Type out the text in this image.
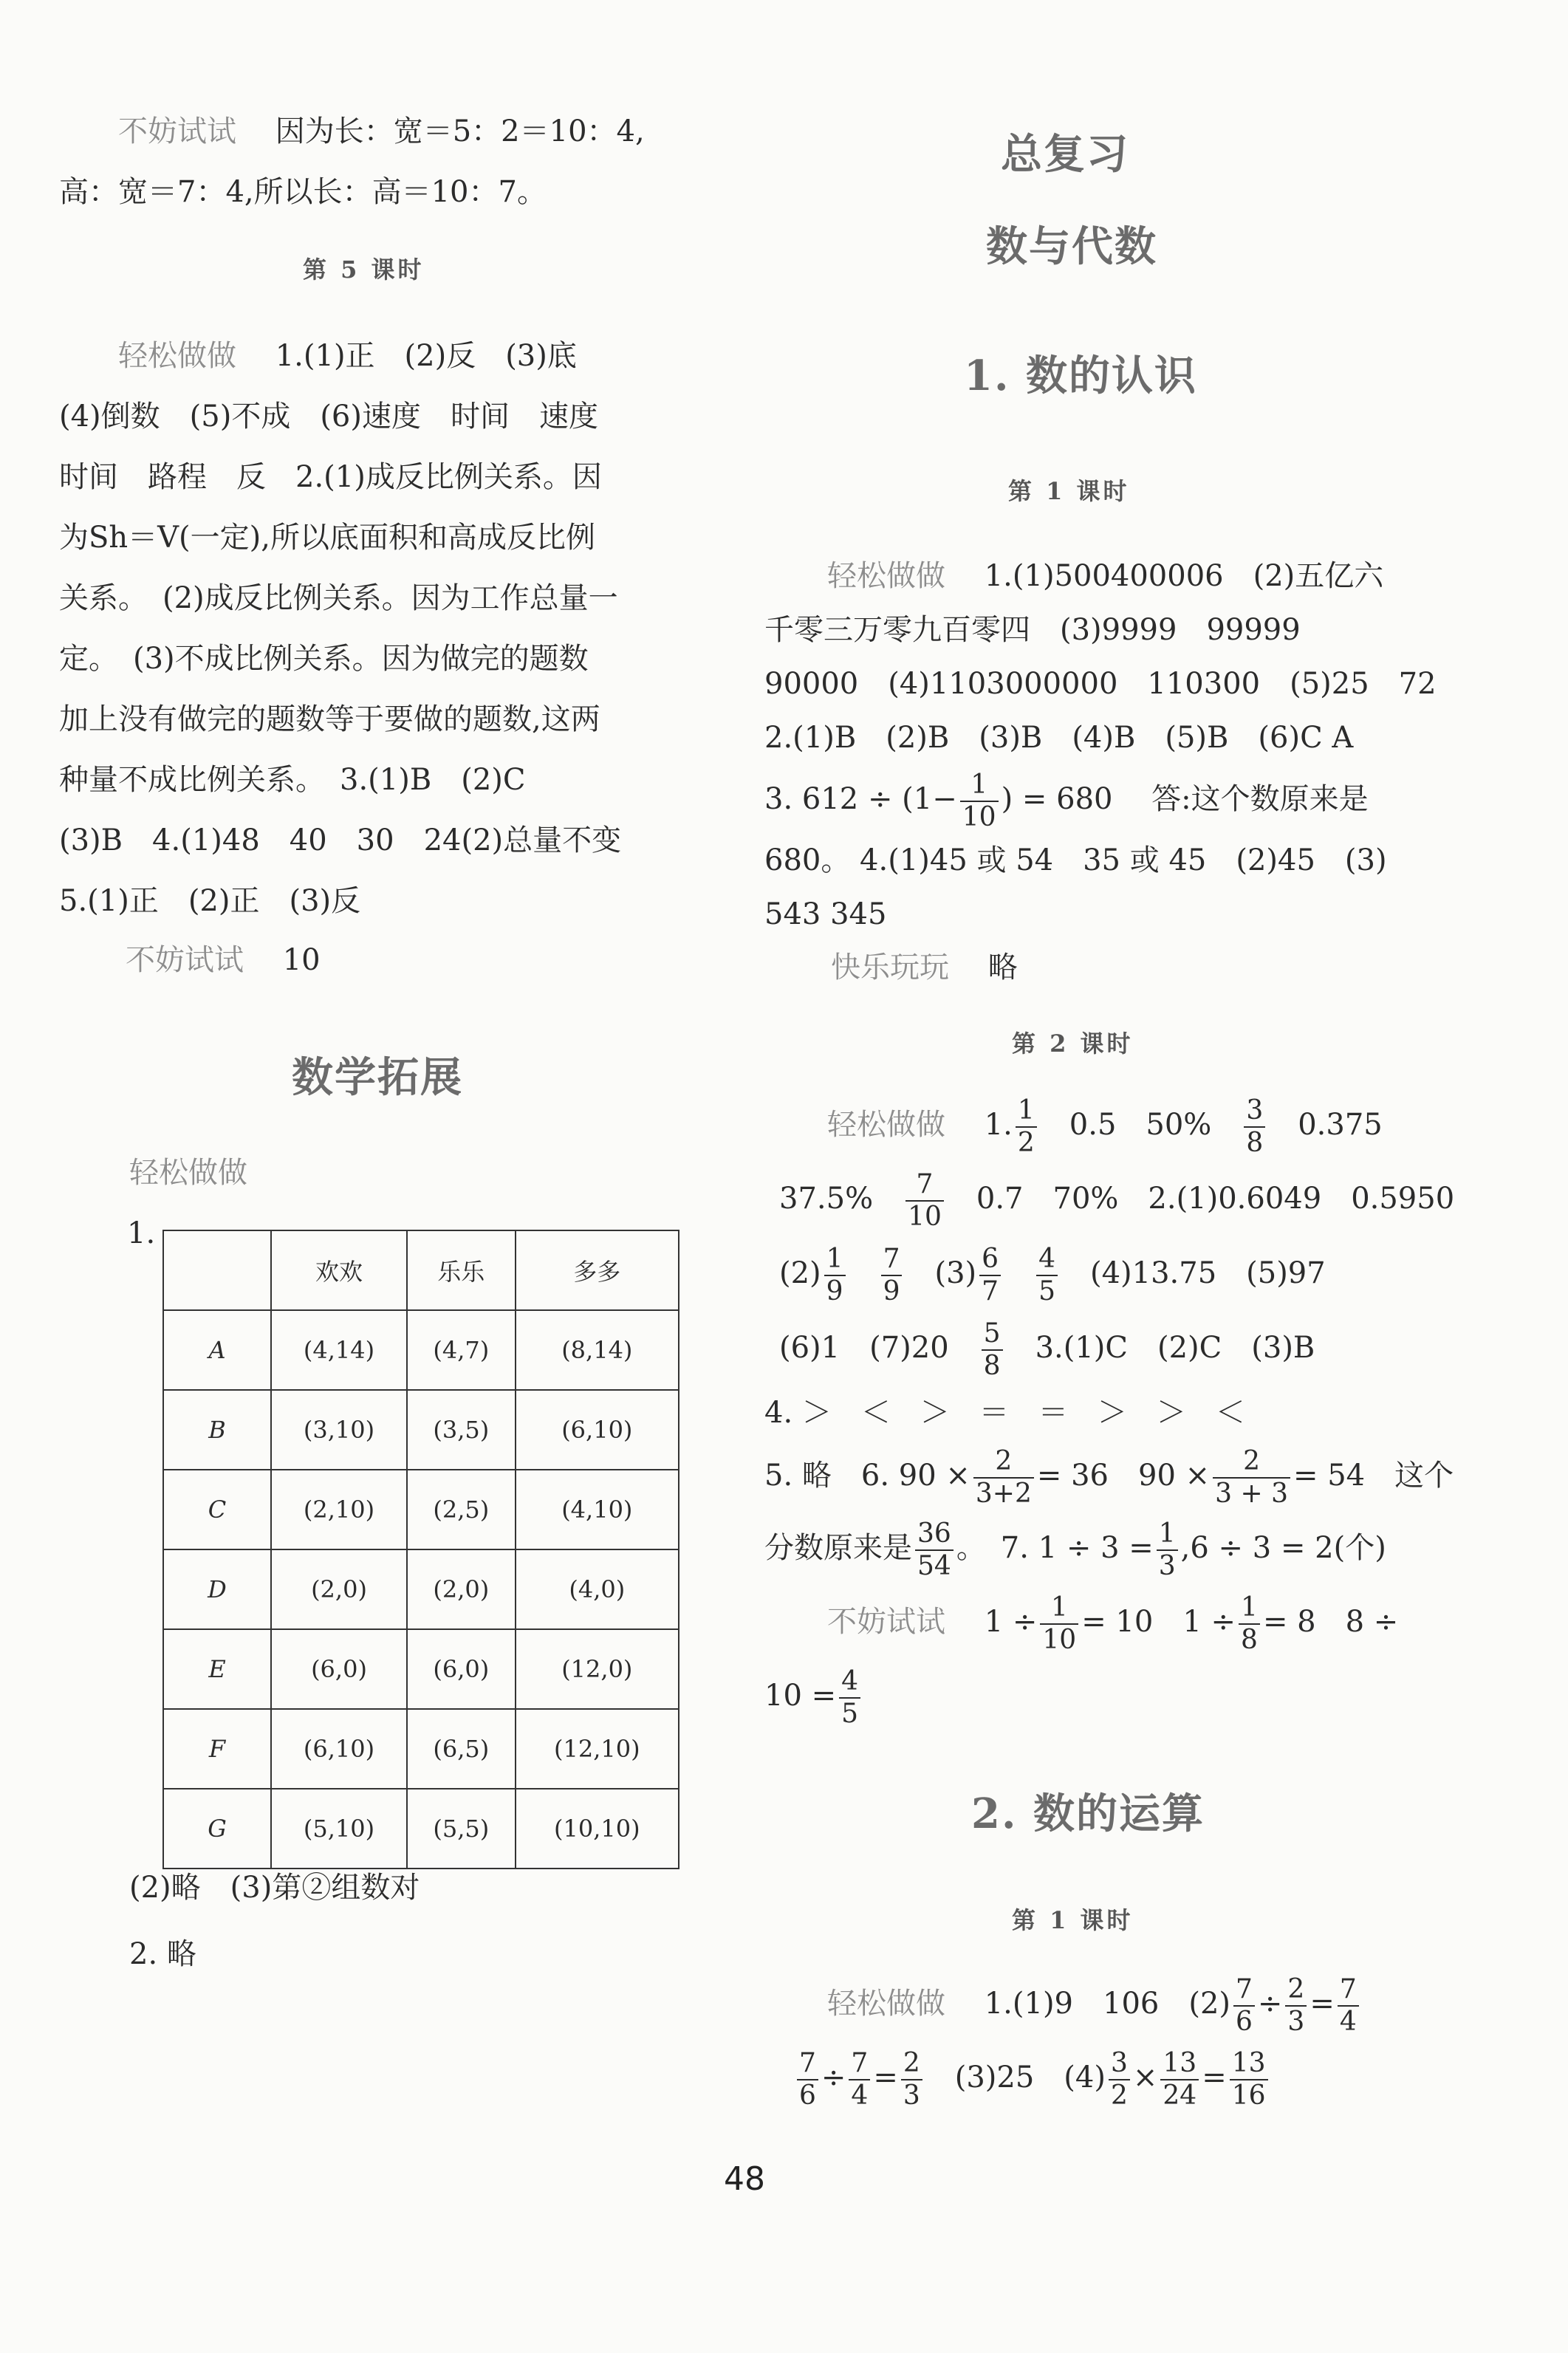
不妨试试　 因为长：宽＝5：2＝10：4,
高：宽＝7：4,所以长：高＝10：7。
第 5 课时
轻松做做　 1.(1)正　(2)反　(3)底
(4)倒数　(5)不成　(6)速度　时间　速度
时间　路程　反　2.(1)成反比例关系。因
为Sh＝V(一定),所以底面积和高成反比例
关系。　(2)成反比例关系。因为工作总量一
定。　(3)不成比例关系。因为做完的题数
加上没有做完的题数等于要做的题数,这两
种量不成比例关系。　3.(1)B　(2)C
(3)B　4.(1)48　40　30　24(2)总量不变
5.(1)正　(2)正　(3)反
不妨试试　 10
数学拓展
轻松做做
1.
	欢欢	乐乐	多多
A	(4,14)	(4,7)	(8,14)
B	(3,10)	(3,5)	(6,10)
C	(2,10)	(2,5)	(4,10)
D	(2,0)	(2,0)	(4,0)
E	(6,0)	(6,0)	(12,0)
F	(6,10)	(6,5)	(12,10)
G	(5,10)	(5,5)	(10,10)
(2)略　(3)第②组数对
2. 略
总复习
数与代数
1. 数的认识
第 1 课时
轻松做做　 1.(1)500400006　(2)五亿六
千零三万零九百零四　(3)9999　99999
90000　(4)1103000000　110300　(5)25　72
2.(1)B　(2)B　(3)B　(4)B　(5)B　(6)C A
3. $612 \div (1- \frac{1}{10}$ ) = 680　 答:这个数原来是
680。 4.(1)45 或 54　35 或 45　(2)45　(3)
543 345
快乐玩玩　 略
第 2 课时
轻松做做　 1. $\frac{1}{2}$
　 0.5　50%　 $\frac{3}{8}$
　 0.375
37.5%　 $\frac{7}{10}$
　 0.7　70%　2.(1)0.6049　0.5950
$(2) \frac{1}{9}$
　 $\frac{7}{9}$
　 $(3) \frac{6}{7}$
　 $\frac{4}{5}$
　 (4)13.75　(5)97
(6)1　(7)20　 $\frac{5}{8}$
　 3.(1)C　(2)C　(3)B
4. ＞　＜　＞　＝　＝　＞　＞　＜
5. 略　6. $90 \times \frac{2}{3+2} = 36$　$90 \times \frac{2}{3 + 3} = 54$　这个
分数原来是 $\frac{36}{54}$ 。　7. $1 \div 3 = \frac{1}{3} ,6 \div 3 = 2$(个)
不妨试试　 $1 \div \frac{1}{10} = 10$　$1 \div \frac{1}{8} = 8$　8 ÷
$10 = \frac{4}{5}$
2. 数的运算
第 1 课时
轻松做做　 1.(1)9　106　$(2) \frac{7}{6} \div \frac{2}{3} = \frac{7}{4}$
$\frac{7}{6} \div \frac{7}{4} = \frac{2}{3}$
　 (3)25　$(4) \frac{3}{2} \times \frac{13}{24} = \frac{13}{16}$
48
